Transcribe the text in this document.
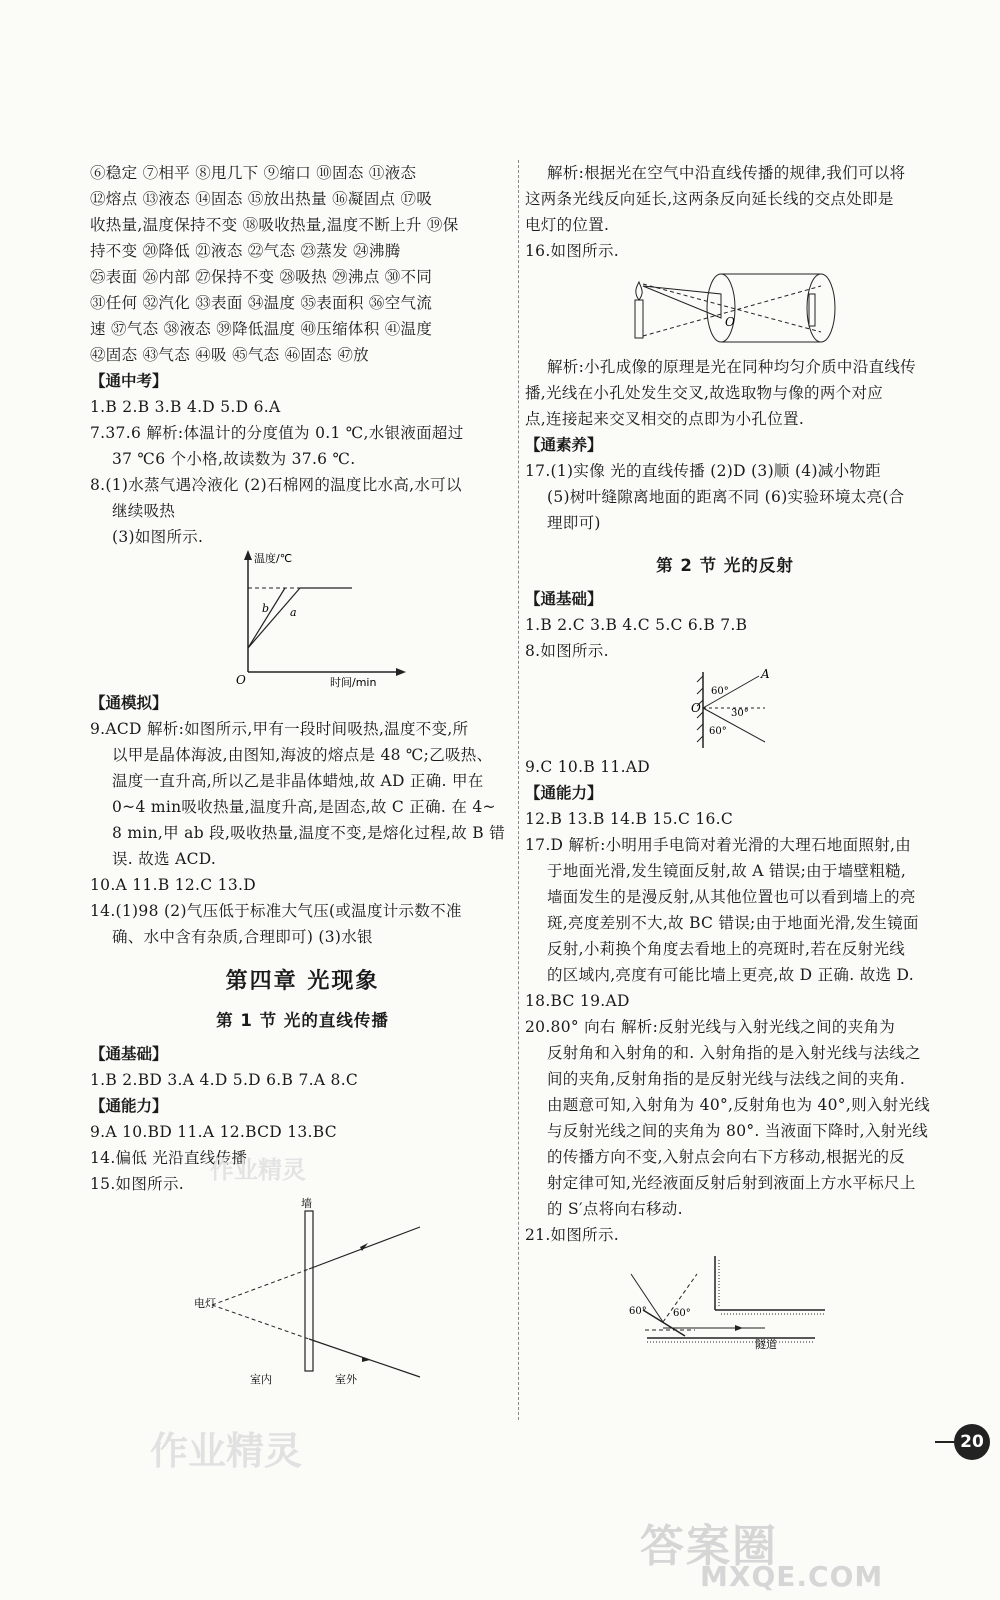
⑥稳定 ⑦相平 ⑧甩几下 ⑨缩口 ⑩固态 ⑪液态
⑫熔点 ⑬液态 ⑭固态 ⑮放出热量 ⑯凝固点 ⑰吸
收热量,温度保持不变 ⑱吸收热量,温度不断上升 ⑲保
持不变 ⑳降低 ㉑液态 ㉒气态 ㉓蒸发 ㉔沸腾
㉕表面 ㉖内部 ㉗保持不变 ㉘吸热 ㉙沸点 ㉚不同
㉛任何 ㉜汽化 ㉝表面 ㉞温度 ㉟表面积 ㊱空气流
速 ㊲气态 ㊳液态 ㊴降低温度 ㊵压缩体积 ㊶温度
㊷固态 ㊸气态 ㊹吸 ㊺气态 ㊻固态 ㊼放
【通中考】
1.B 2.B 3.B 4.D 5.D 6.A
7.37.6 解析:体温计的分度值为 0.1 ℃,水银液面超过
37 ℃6 个小格,故读数为 37.6 ℃.
8.(1)水蒸气遇冷液化 (2)石棉网的温度比水高,水可以
继续吸热
(3)如图所示.
温度/℃
时间/min
O
b a
【通模拟】
9.ACD 解析:如图所示,甲有一段时间吸热,温度不变,所
以甲是晶体海波,由图知,海波的熔点是 48 ℃;乙吸热、
温度一直升高,所以乙是非晶体蜡烛,故 AD 正确. 甲在
0~4 min吸收热量,温度升高,是固态,故 C 正确. 在 4~
8 min,甲 ab 段,吸收热量,温度不变,是熔化过程,故 B 错
误. 故选 ACD.
10.A 11.B 12.C 13.D
14.(1)98 (2)气压低于标准大气压(或温度计示数不准
确、水中含有杂质,合理即可) (3)水银
第四章 光现象
第 1 节 光的直线传播
【通基础】
1.B 2.BD 3.A 4.D 5.D 6.B 7.A 8.C
【通能力】
9.A 10.BD 11.A 12.BCD 13.BC
14.偏低 光沿直线传播
15.如图所示.
墙
电灯
室内	室外
解析:根据光在空气中沿直线传播的规律,我们可以将
这两条光线反向延长,这两条反向延长线的交点处即是
电灯的位置.
16.如图所示.
O
解析:小孔成像的原理是光在同种均匀介质中沿直线传
播,光线在小孔处发生交叉,故选取物与像的两个对应
点,连接起来交叉相交的点即为小孔位置.
【通素养】
17.(1)实像 光的直线传播 (2)D (3)顺 (4)减小物距
(5)树叶缝隙离地面的距离不同 (6)实验环境太亮(合
理即可)
第 2 节 光的反射
【通基础】
1.B 2.C 3.B 4.C 5.C 6.B 7.B
8.如图所示.
A
O
60°
30°
60°
9.C 10.B 11.AD
【通能力】
12.B 13.B 14.B 15.C 16.C
17.D 解析:小明用手电筒对着光滑的大理石地面照射,由
于地面光滑,发生镜面反射,故 A 错误;由于墙壁粗糙,
墙面发生的是漫反射,从其他位置也可以看到墙上的亮
斑,亮度差别不大,故 BC 错误;由于地面光滑,发生镜面
反射,小莉换个角度去看地上的亮斑时,若在反射光线
的区域内,亮度有可能比墙上更亮,故 D 正确. 故选 D.
18.BC 19.AD
20.80° 向右 解析:反射光线与入射光线之间的夹角为
反射角和入射角的和. 入射角指的是入射光线与法线之
间的夹角,反射角指的是反射光线与法线之间的夹角.
由题意可知,入射角为 40°,反射角也为 40°,则入射光线
与反射光线之间的夹角为 80°. 当液面下降时,入射光线
的传播方向不变,入射点会向右下方移动,根据光的反
射定律可知,光经液面反射后射到液面上方水平标尺上
的 S′点将向右移动.
21.如图所示.
60°	60°
隧道
20
作业精灵
作业精灵
答案圈
MXQE.COM
